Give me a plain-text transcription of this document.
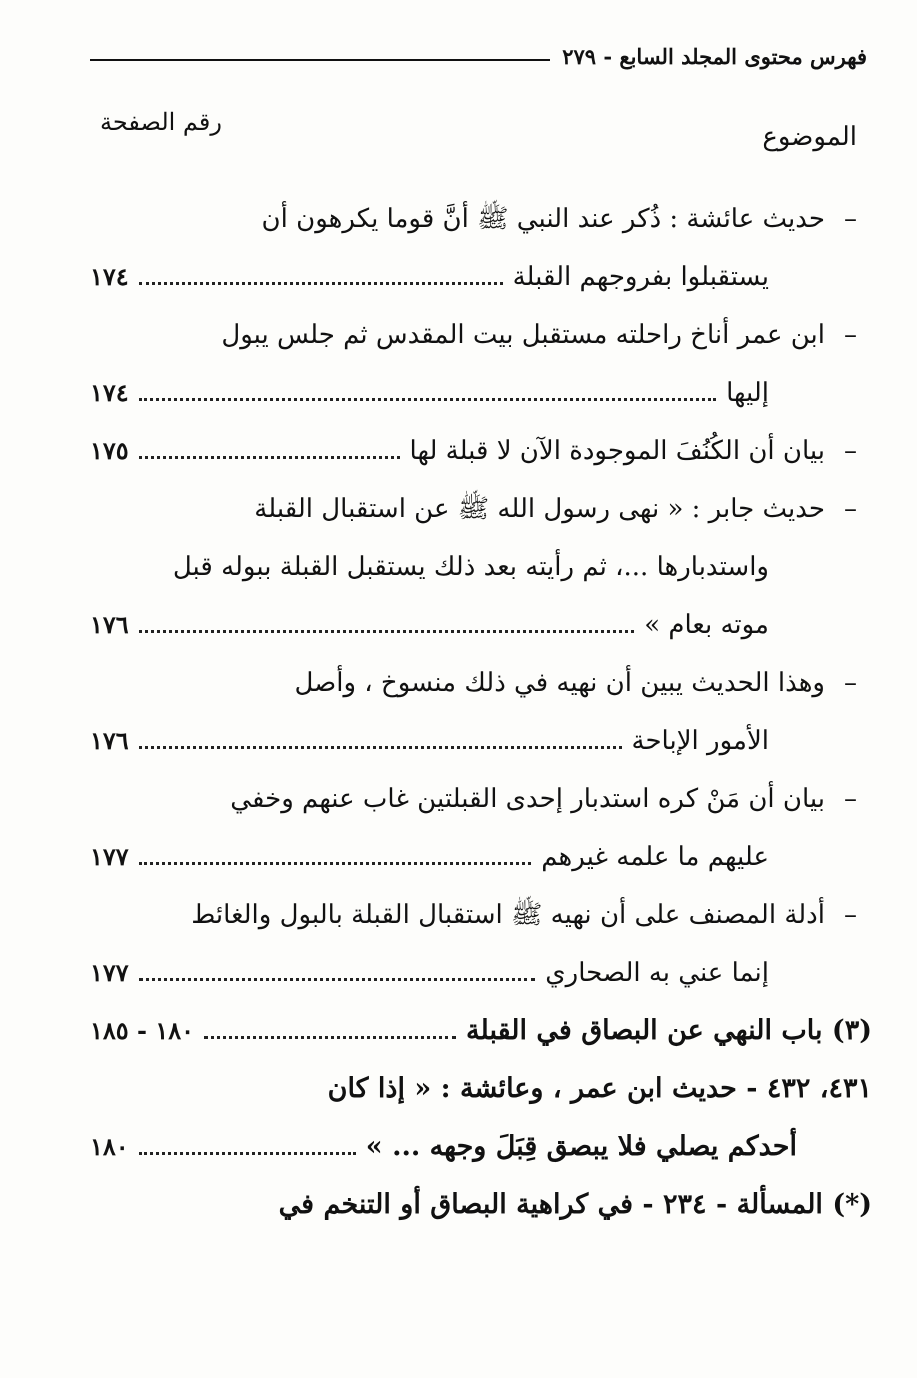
فهرس محتوى المجلد السابع - ٢٧٩
الموضوع
رقم الصفحة
–
حديث عائشة : ذُكر عند النبي ﷺ أنَّ قوما يكرهون أن
يستقبلوا بفروجهم القبلة
١٧٤
–
ابن عمر أناخ راحلته مستقبل بيت المقدس ثم جلس يبول
إليها
١٧٤
–
بيان أن الكُنُفَ الموجودة الآن لا قبلة لها
١٧٥
–
حديث جابر : « نهى رسول الله ﷺ عن استقبال القبلة
واستدبارها ...، ثم رأيته بعد ذلك يستقبل القبلة ببوله قبل
موته بعام »
١٧٦
–
وهذا الحديث يبين أن نهيه في ذلك منسوخ ، وأصل
الأمور الإباحة
١٧٦
–
بيان أن مَنْ كره استدبار إحدى القبلتين غاب عنهم وخفي
عليهم ما علمه غيرهم
١٧٧
–
أدلة المصنف على أن نهيه ﷺ استقبال القبلة بالبول والغائط
إنما عني به الصحاري
١٧٧
(٣) باب النهي عن البصاق في القبلة
١٨٠ - ١٨٥
٤٣١، ٤٣٢ - حديث ابن عمر ، وعائشة : « إذا كان
أحدكم يصلي فلا يبصق قِبَلَ وجهه ... »
١٨٠
(*) المسألة - ٢٣٤ - في كراهية البصاق أو التنخم في
